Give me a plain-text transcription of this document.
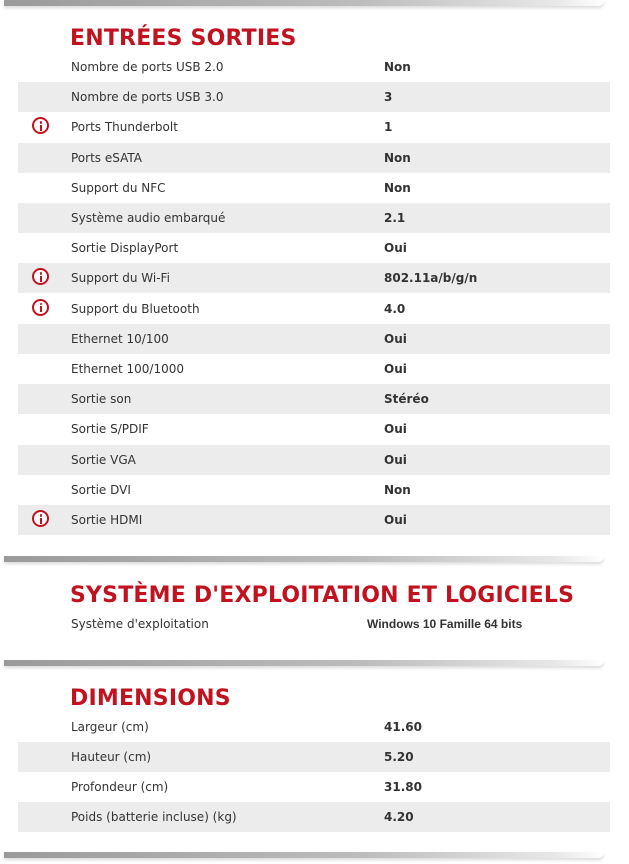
ENTRÉES SORTIES
Nombre de ports USB 2.0	Non
Nombre de ports USB 3.0	3
Ports Thunderbolt	1
Ports eSATA	Non
Support du NFC	Non
Système audio embarqué	2.1
Sortie DisplayPort	Oui
Support du Wi-Fi	802.11a/b/g/n
Support du Bluetooth	4.0
Ethernet 10/100	Oui
Ethernet 100/1000	Oui
Sortie son	Stéréo
Sortie S/PDIF	Oui
Sortie VGA	Oui
Sortie DVI	Non
Sortie HDMI	Oui
SYSTÈME D'EXPLOITATION ET LOGICIELS
Système d'exploitation	Windows 10 Famille 64 bits
DIMENSIONS
Largeur (cm)	41.60
Hauteur (cm)	5.20
Profondeur (cm)	31.80
Poids (batterie incluse) (kg)	4.20
